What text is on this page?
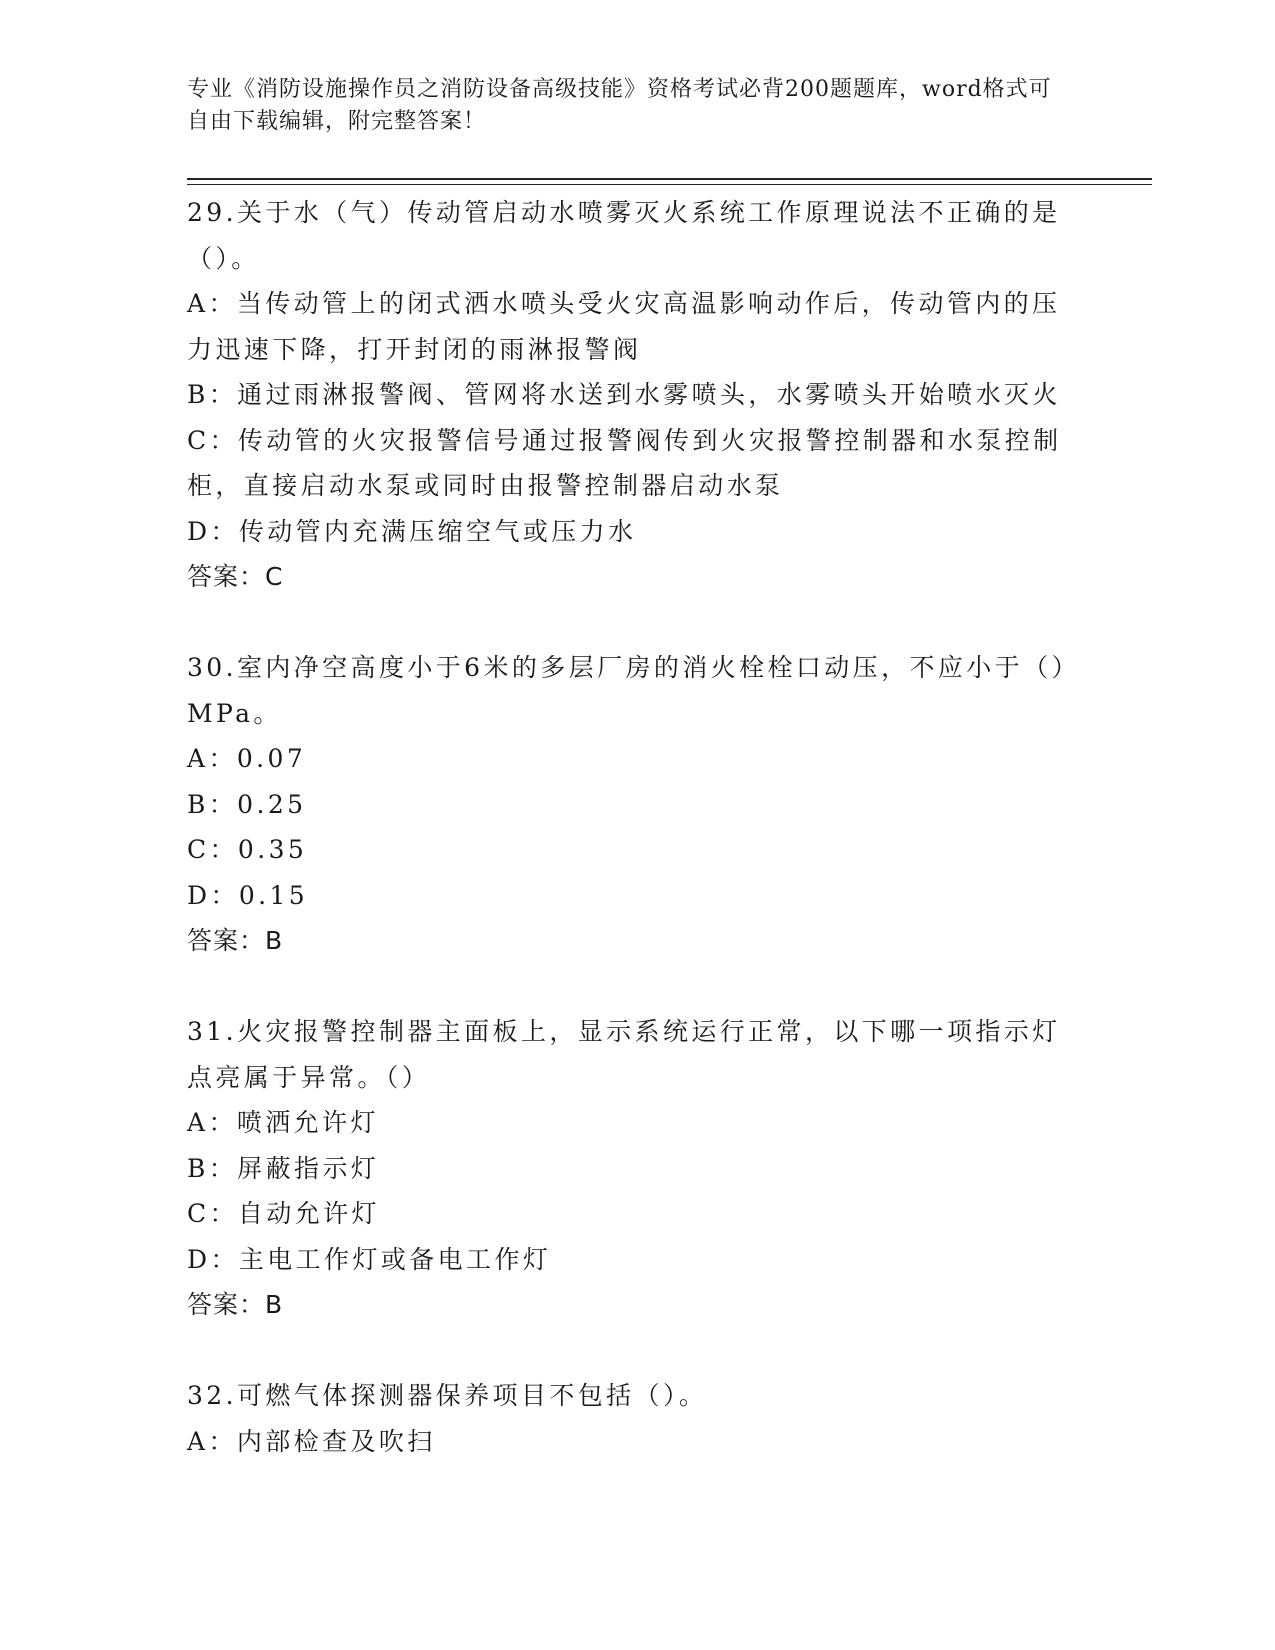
专业《消防设施操作员之消防设备高级技能》资格考试必背200题题库，word格式可自由下载编辑，附完整答案！

29.关于水（气）传动管启动水喷雾灭火系统工作原理说法不正确的是（）。

A：当传动管上的闭式洒水喷头受火灾高温影响动作后，传动管内的压力迅速下降，打开封闭的雨淋报警阀

B：通过雨淋报警阀、管网将水送到水雾喷头，水雾喷头开始喷水灭火

C：传动管的火灾报警信号通过报警阀传到火灾报警控制器和水泵控制柜，直接启动水泵或同时由报警控制器启动水泵

D：传动管内充满压缩空气或压力水

答案：C

30.室内净空高度小于6米的多层厂房的消火栓栓口动压，不应小于（）MPa。

A：0.07

B：0.25

C：0.35

D：0.15

答案：B

31.火灾报警控制器主面板上，显示系统运行正常，以下哪一项指示灯点亮属于异常。（）

A：喷洒允许灯

B：屏蔽指示灯

C：自动允许灯

D：主电工作灯或备电工作灯

答案：B

32.可燃气体探测器保养项目不包括（）。

A：内部检查及吹扫
